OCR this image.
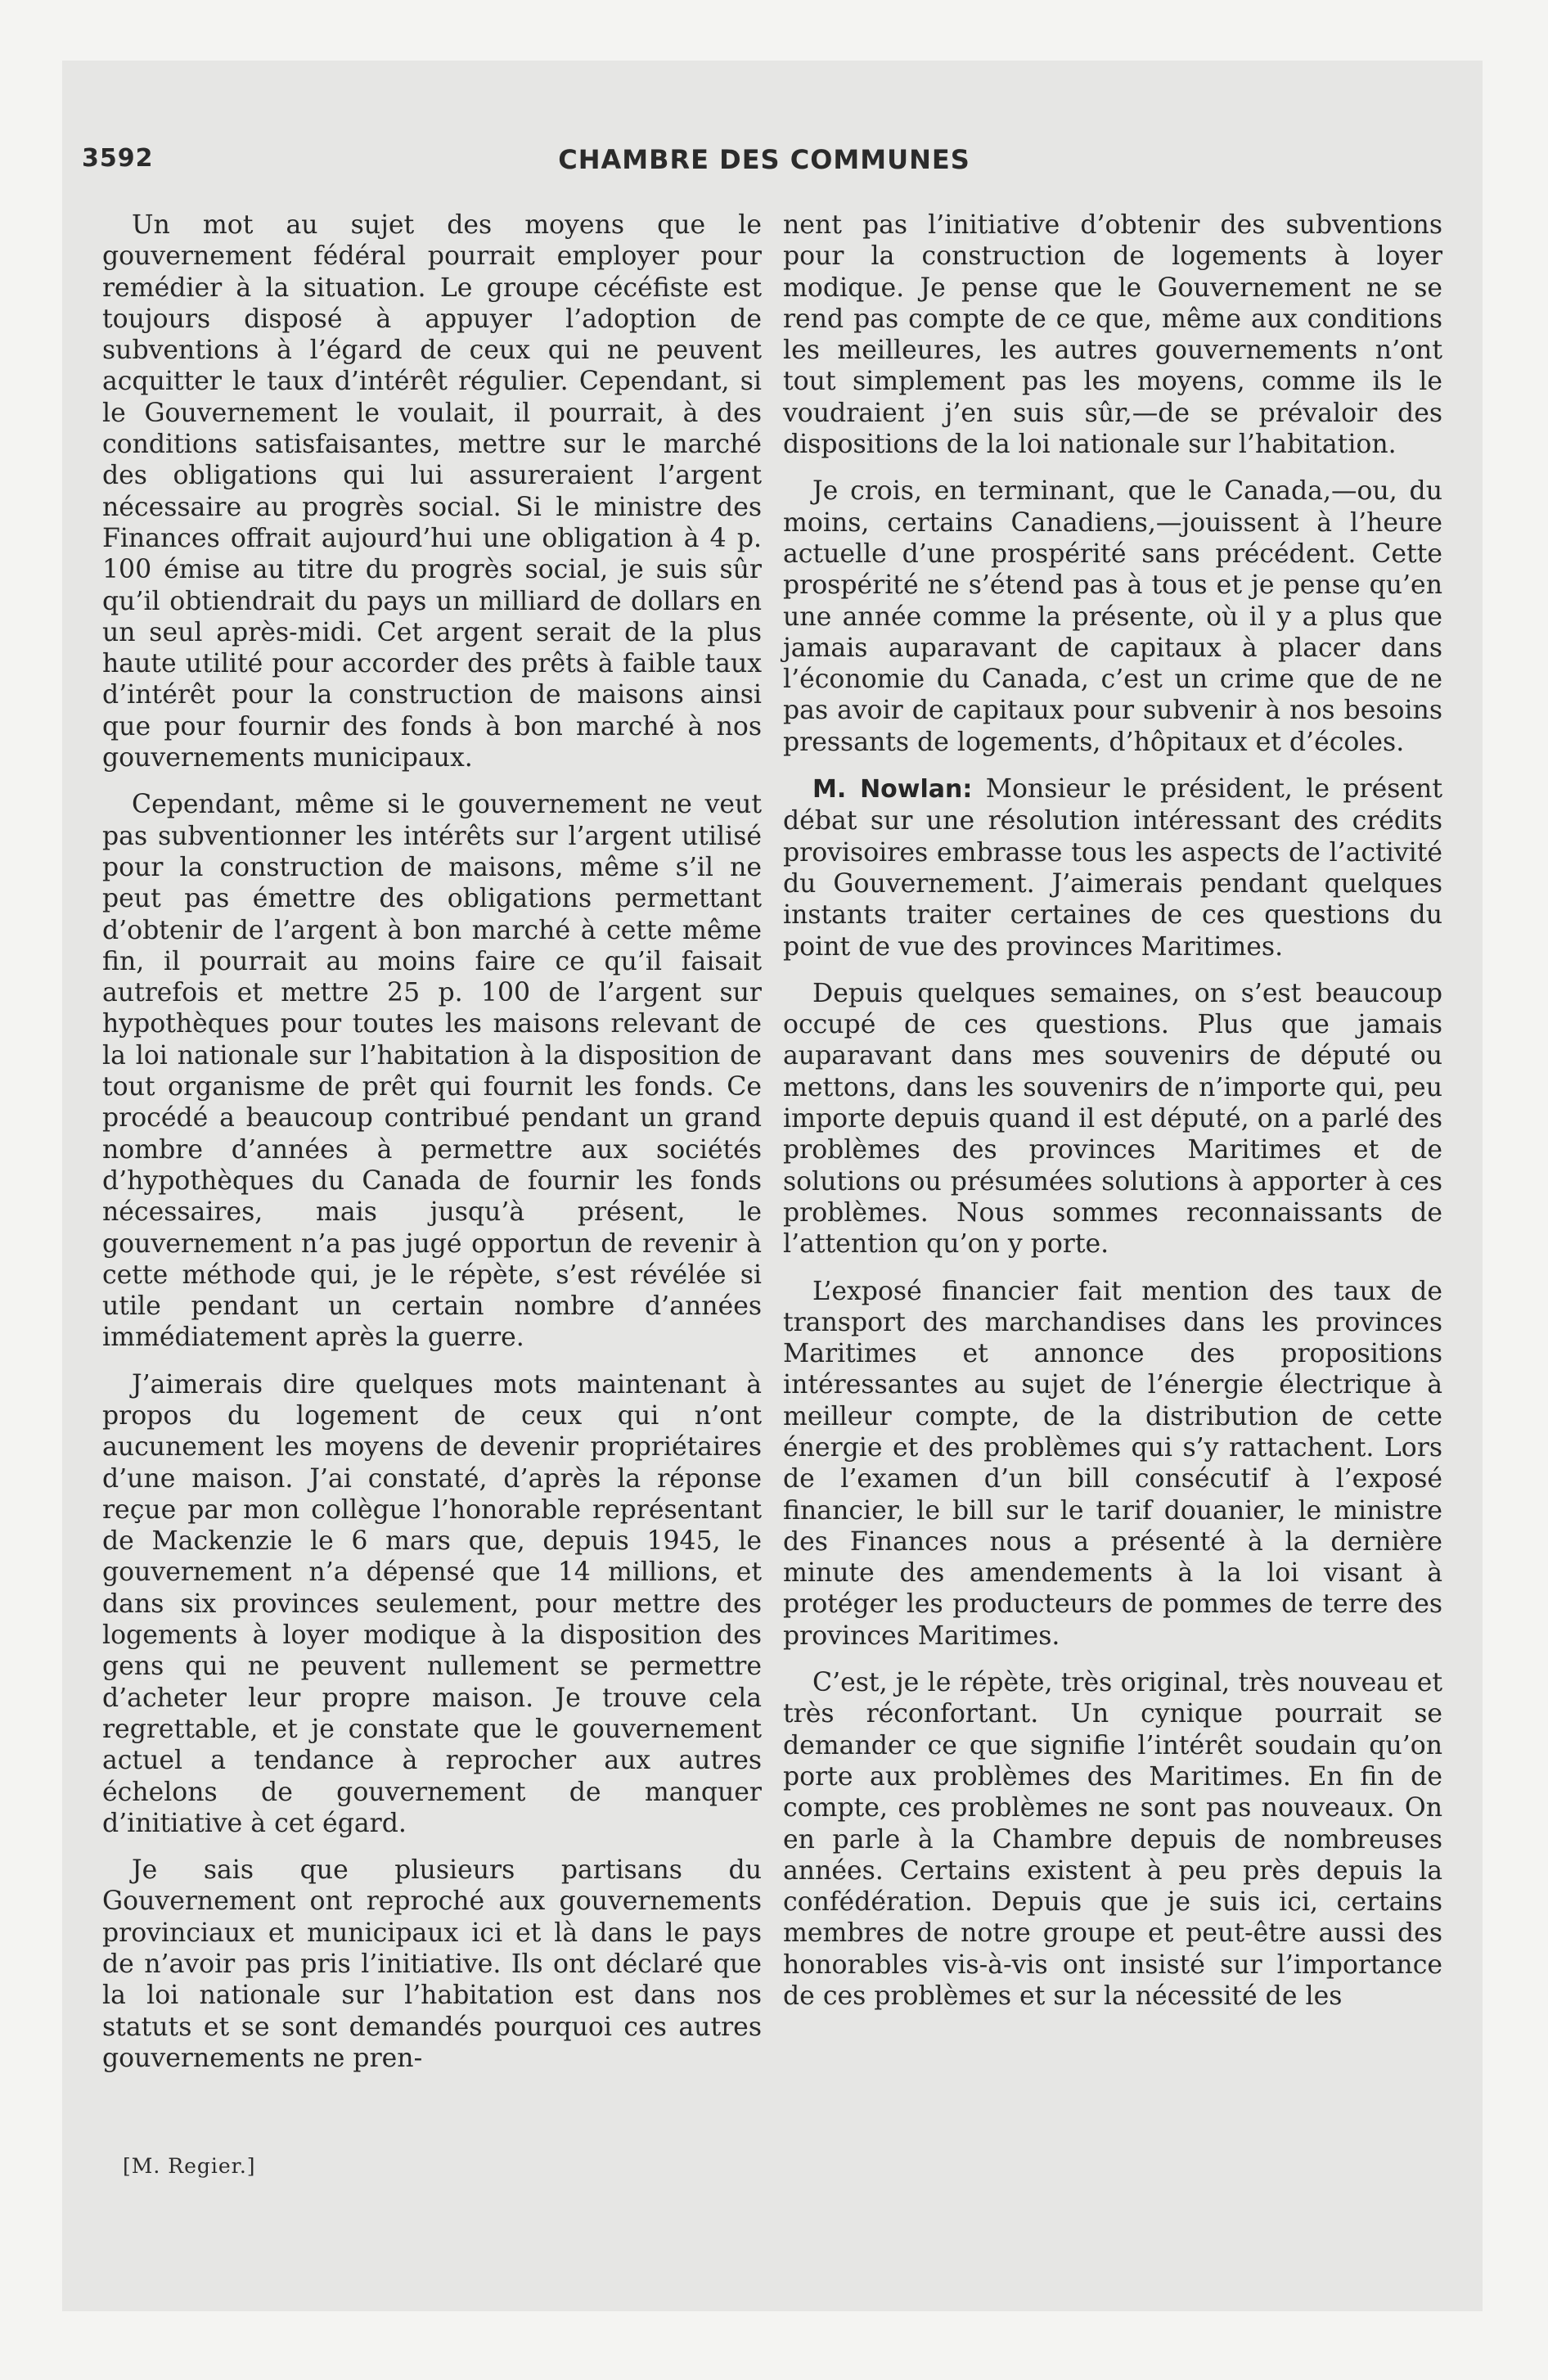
3592	CHAMBRE DES COMMUNES

Un mot au sujet des moyens que le gouvernement fédéral pourrait employer pour remédier à la situation. Le groupe cécéfiste est toujours disposé à appuyer l’adoption de subventions à l’égard de ceux qui ne peuvent acquitter le taux d’intérêt régulier. Cependant, si le Gouvernement le voulait, il pourrait, à des conditions satisfaisantes, mettre sur le marché des obligations qui lui assureraient l’argent nécessaire au progrès social. Si le ministre des Finances offrait aujourd’hui une obligation à 4 p. 100 émise au titre du progrès social, je suis sûr qu’il obtiendrait du pays un milliard de dollars en un seul après-midi. Cet argent serait de la plus haute utilité pour accorder des prêts à faible taux d’intérêt pour la construction de maisons ainsi que pour fournir des fonds à bon marché à nos gouvernements municipaux.

Cependant, même si le gouvernement ne veut pas subventionner les intérêts sur l’argent utilisé pour la construction de maisons, même s’il ne peut pas émettre des obligations permettant d’obtenir de l’argent à bon marché à cette même fin, il pourrait au moins faire ce qu’il faisait autrefois et mettre 25 p. 100 de l’argent sur hypothèques pour toutes les maisons relevant de la loi nationale sur l’habitation à la disposition de tout organisme de prêt qui fournit les fonds. Ce procédé a beaucoup contribué pendant un grand nombre d’années à permettre aux sociétés d’hypothèques du Canada de fournir les fonds nécessaires, mais jusqu’à présent, le gouvernement n’a pas jugé opportun de revenir à cette méthode qui, je le répète, s’est révélée si utile pendant un certain nombre d’années immédiatement après la guerre.

J’aimerais dire quelques mots maintenant à propos du logement de ceux qui n’ont aucunement les moyens de devenir propriétaires d’une maison. J’ai constaté, d’après la réponse reçue par mon collègue l’honorable représentant de Mackenzie le 6 mars que, depuis 1945, le gouvernement n’a dépensé que 14 millions, et dans six provinces seulement, pour mettre des logements à loyer modique à la disposition des gens qui ne peuvent nullement se permettre d’acheter leur propre maison. Je trouve cela regrettable, et je constate que le gouvernement actuel a tendance à reprocher aux autres échelons de gouvernement de manquer d’initiative à cet égard.

Je sais que plusieurs partisans du Gouvernement ont reproché aux gouvernements provinciaux et municipaux ici et là dans le pays de n’avoir pas pris l’initiative. Ils ont déclaré que la loi nationale sur l’habitation est dans nos statuts et se sont demandés pourquoi ces autres gouvernements ne pren-

nent pas l’initiative d’obtenir des subventions pour la construction de logements à loyer modique. Je pense que le Gouvernement ne se rend pas compte de ce que, même aux conditions les meilleures, les autres gouvernements n’ont tout simplement pas les moyens, comme ils le voudraient j’en suis sûr,—de se prévaloir des dispositions de la loi nationale sur l’habitation.

Je crois, en terminant, que le Canada,—ou, du moins, certains Canadiens,—jouissent à l’heure actuelle d’une prospérité sans précédent. Cette prospérité ne s’étend pas à tous et je pense qu’en une année comme la présente, où il y a plus que jamais auparavant de capitaux à placer dans l’économie du Canada, c’est un crime que de ne pas avoir de capitaux pour subvenir à nos besoins pressants de logements, d’hôpitaux et d’écoles.

M. Nowlan: Monsieur le président, le présent débat sur une résolution intéressant des crédits provisoires embrasse tous les aspects de l’activité du Gouvernement. J’aimerais pendant quelques instants traiter certaines de ces questions du point de vue des provinces Maritimes.

Depuis quelques semaines, on s’est beaucoup occupé de ces questions. Plus que jamais auparavant dans mes souvenirs de député ou mettons, dans les souvenirs de n’importe qui, peu importe depuis quand il est député, on a parlé des problèmes des provinces Maritimes et de solutions ou présumées solutions à apporter à ces problèmes. Nous sommes reconnaissants de l’attention qu’on y porte.

L’exposé financier fait mention des taux de transport des marchandises dans les provinces Maritimes et annonce des propositions intéressantes au sujet de l’énergie électrique à meilleur compte, de la distribution de cette énergie et des problèmes qui s’y rattachent. Lors de l’examen d’un bill consécutif à l’exposé financier, le bill sur le tarif douanier, le ministre des Finances nous a présenté à la dernière minute des amendements à la loi visant à protéger les producteurs de pommes de terre des provinces Maritimes.

C’est, je le répète, très original, très nouveau et très réconfortant. Un cynique pourrait se demander ce que signifie l’intérêt soudain qu’on porte aux problèmes des Maritimes. En fin de compte, ces problèmes ne sont pas nouveaux. On en parle à la Chambre depuis de nombreuses années. Certains existent à peu près depuis la confédération. Depuis que je suis ici, certains membres de notre groupe et peut-être aussi des honorables vis-à-vis ont insisté sur l’importance de ces problèmes et sur la nécessité de les

[M. Regier.]
